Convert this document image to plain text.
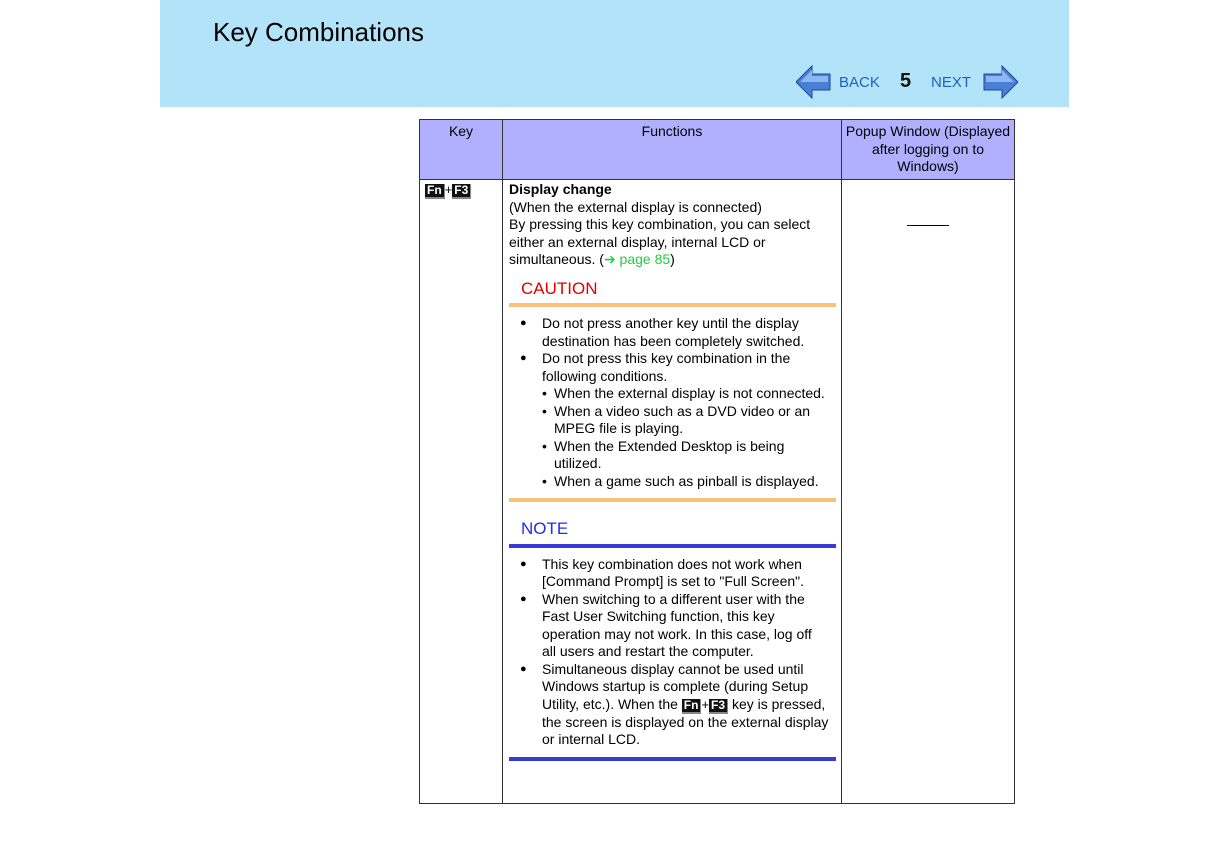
Key Combinations
BACK 5 NEXT
Key	Functions	Popup Window (Displayed after logging on to Windows)
Fn + F3	Display change

(When the external display is connected)

By pressing this key combination, you can select either an external display, internal LCD or simultaneous. (➔ page 85)

CAUTION
● Do not press another key until the display destination has been completely switched.
● Do not press this key combination in the following conditions.
• When the external display is not connected.
• When a video such as a DVD video or an MPEG file is playing.
• When the Extended Desktop is being utilized.
• When a game such as pinball is displayed.
NOTE
● This key combination does not work when [Command Prompt] is set to "Full Screen".
● When switching to a different user with the Fast User Switching function, this key operation may not work. In this case, log off all users and restart the computer.
● Simultaneous display cannot be used until Windows startup is complete (during Setup Utility, etc.). When the Fn + F3 key is pressed, the screen is displayed on the external display or internal LCD.
